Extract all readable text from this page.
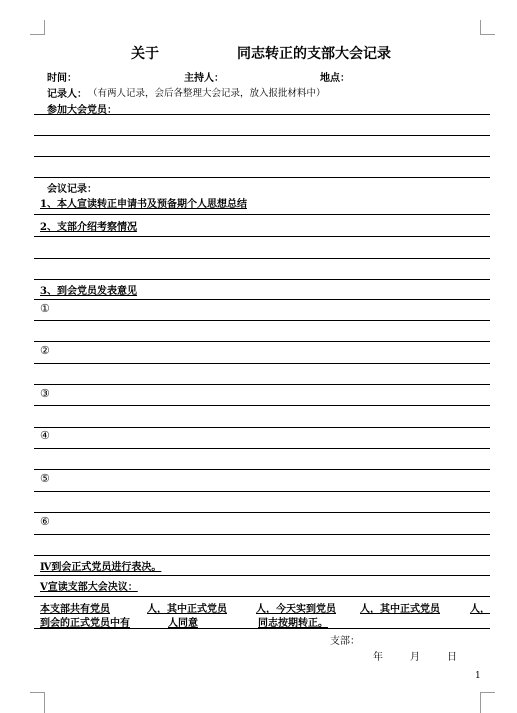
关于	同志转正的支部大会记录
时间：	主持人：	地点：
记录人： （有两人记录，会后各整理大会记录，放入报批材料中）
参加大会党员：
会议记录：
1、本人宣读转正申请书及预备期个人思想总结
2、支部介绍考察情况
3、到会党员发表意见
①
②
③
④
⑤
⑥
Ⅳ到会正式党员进行表决。
Ⅴ宣读支部大会决议：
本支部共有党员	人，其中正式党员	人，今天实到党员 人，其中正式党员	人，
到会的正式党员中有	人同意	同志按期转正。
支部：
年	月	日
1
